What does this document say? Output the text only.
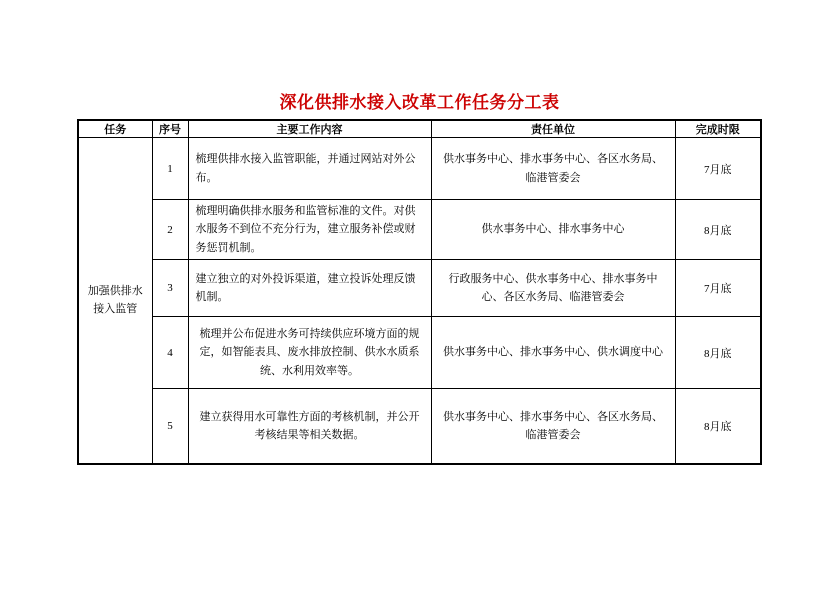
深化供排水接入改革工作任务分工表
任务	序号	主要工作内容	责任单位	完成时限
加强供排水接入监管	1	梳理供排水接入监管职能，并通过网站对外公布。	供水事务中心、排水事务中心、各区水务局、临港管委会	7月底
	2	梳理明确供排水服务和监管标准的文件。对供水服务不到位不充分行为，建立服务补偿或财务惩罚机制。	供水事务中心、排水事务中心	8月底
	3	建立独立的对外投诉渠道，建立投诉处理反馈机制。	行政服务中心、供水事务中心、排水事务中心、各区水务局、临港管委会	7月底
	4	梳理并公布促进水务可持续供应环境方面的规定，如智能表具、废水排放控制、供水水质系统、水利用效率等。	供水事务中心、排水事务中心、供水调度中心	8月底
	5	建立获得用水可靠性方面的考核机制，并公开考核结果等相关数据。	供水事务中心、排水事务中心、各区水务局、临港管委会	8月底
